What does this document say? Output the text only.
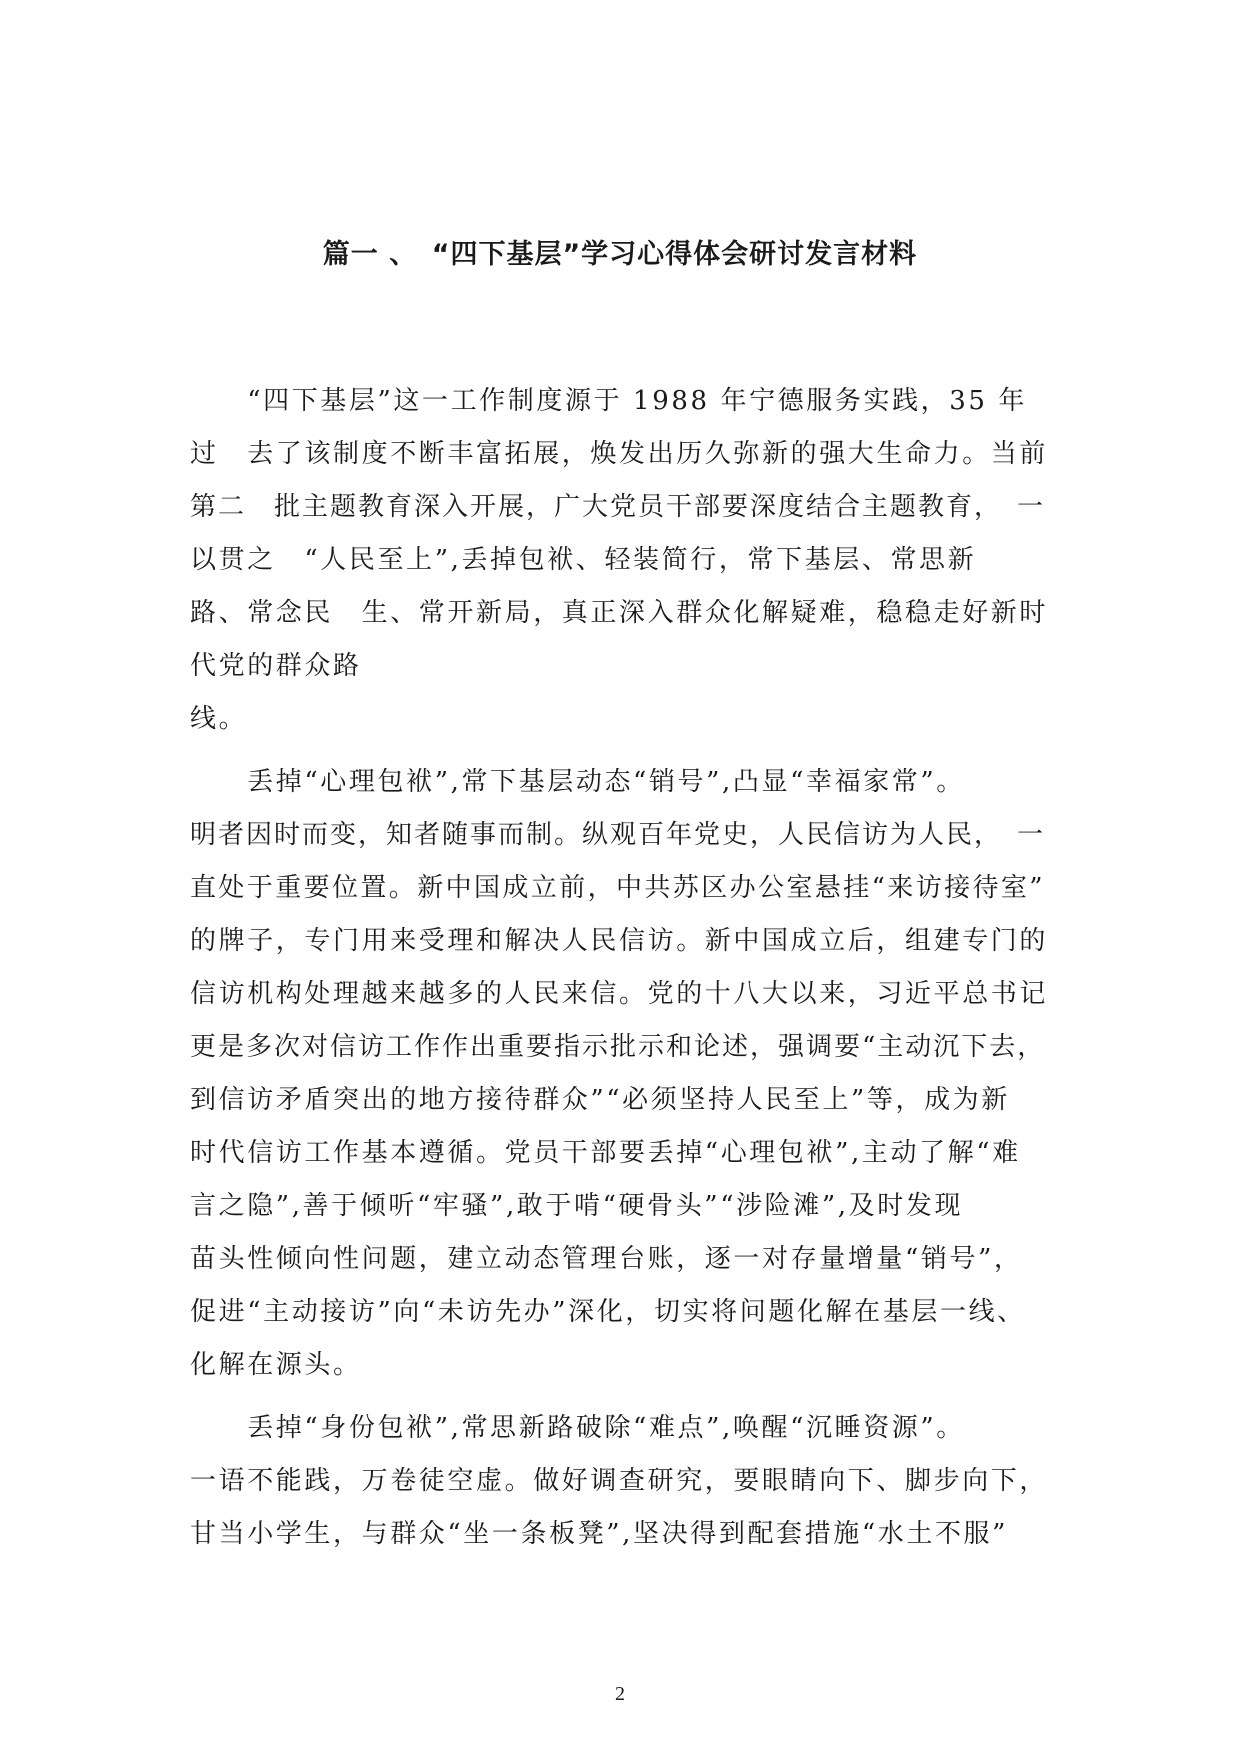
篇一 、　“四下基层”学习心得体会研讨发言材料
　　“四下基层”这一工作制度源于 1988 年宁德服务实践，35 年
过　去了该制度不断丰富拓展，焕发出历久弥新的强大生命力。当前
第二　批主题教育深入开展，广大党员干部要深度结合主题教育，　一
以贯之　“人民至上”,丢掉包袱、轻装简行，常下基层、常思新
路、常念民　生、常开新局，真正深入群众化解疑难，稳稳走好新时
代党的群众路
线。
　　丢掉“心理包袱”,常下基层动态“销号”,凸显“幸福家常”。
明者因时而变，知者随事而制。纵观百年党史，人民信访为人民，　一
直处于重要位置。新中国成立前，中共苏区办公室悬挂“来访接待室”
的牌子，专门用来受理和解决人民信访。新中国成立后，组建专门的
信访机构处理越来越多的人民来信。党的十八大以来，习近平总书记
更是多次对信访工作作出重要指示批示和论述，强调要“主动沉下去，
到信访矛盾突出的地方接待群众”“必须坚持人民至上”等，成为新
时代信访工作基本遵循。党员干部要丢掉“心理包袱”,主动了解“难
言之隐”,善于倾听“牢骚”,敢于啃“硬骨头”“涉险滩”,及时发现
苗头性倾向性问题，建立动态管理台账，逐一对存量增量“销号”，
促进“主动接访”向“未访先办”深化，切实将问题化解在基层一线、
化解在源头。
　　丢掉“身份包袱”,常思新路破除“难点”,唤醒“沉睡资源”。
一语不能践，万卷徒空虚。做好调查研究，要眼睛向下、脚步向下，
甘当小学生，与群众“坐一条板凳”,坚决得到配套措施“水土不服”
2
